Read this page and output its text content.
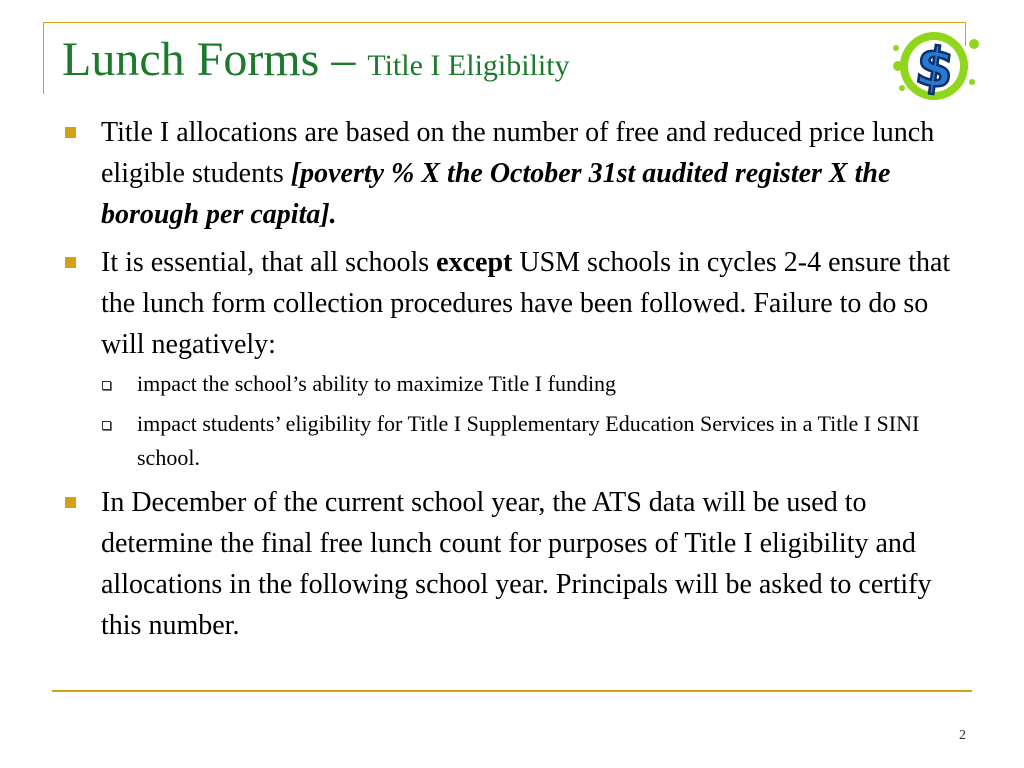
Lunch Forms – Title I Eligibility	$
Title I allocations are based on the number of free and reduced price lunch eligible students [poverty % X the October 31st audited register X the borough per capita].
It is essential, that all schools except USM schools in cycles 2-4 ensure that the lunch form collection procedures have been followed. Failure to do so will negatively:
impact the school’s ability to maximize Title I funding
impact students’ eligibility for Title I Supplementary Education Services in a Title I SINI school.
In December of the current school year, the ATS data will be used to determine the final free lunch count for purposes of Title I eligibility and allocations in the following school year. Principals will be asked to certify this number.
2
